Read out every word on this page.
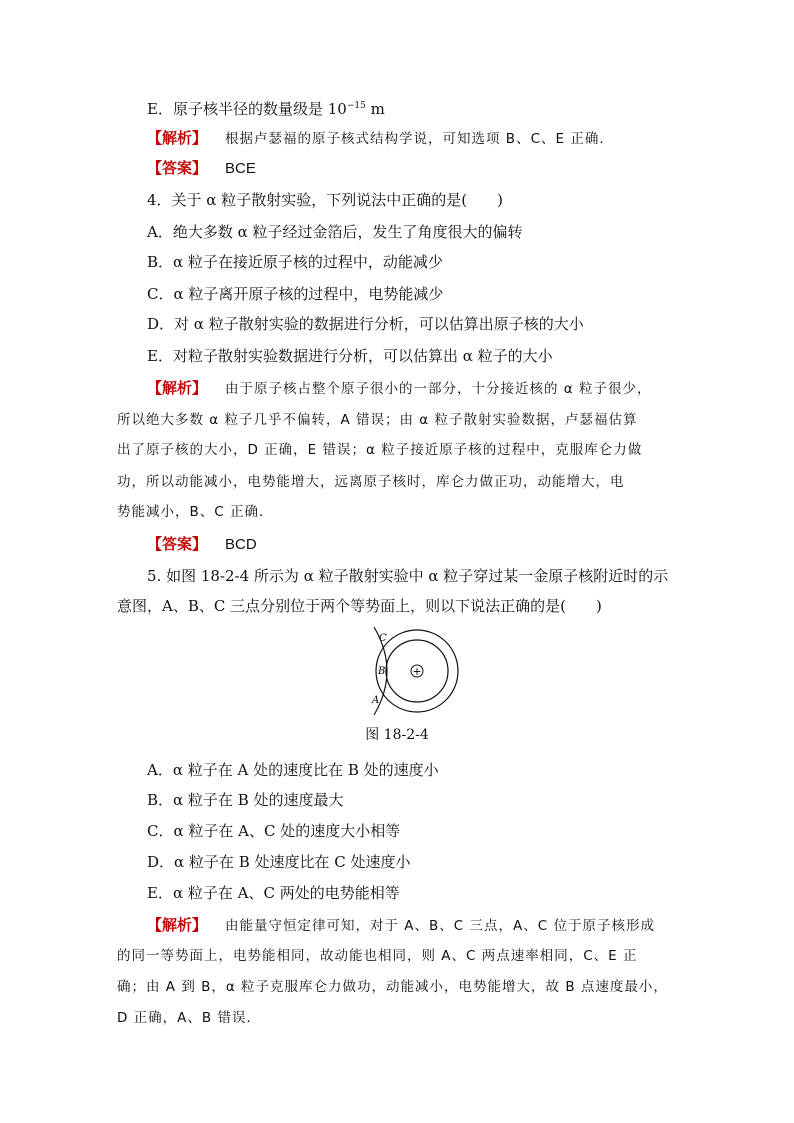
E．原子核半径的数量级是 $10^{-15}$ m
【解析】 根据卢瑟福的原子核式结构学说，可知选项 B、C、E 正确.
【答案】 BCE
4．关于 α 粒子散射实验，下列说法中正确的是(　　)
A．绝大多数 α 粒子经过金箔后，发生了角度很大的偏转
B．α 粒子在接近原子核的过程中，动能减少
C．α 粒子离开原子核的过程中，电势能减少
D．对 α 粒子散射实验的数据进行分析，可以估算出原子核的大小
E．对粒子散射实验数据进行分析，可以估算出 α 粒子的大小
【解析】 由于原子核占整个原子很小的一部分，十分接近核的 α 粒子很少，
所以绝大多数 α 粒子几乎不偏转，A 错误；由 α 粒子散射实验数据，卢瑟福估算
出了原子核的大小，D 正确，E 错误；α 粒子接近原子核的过程中，克服库仑力做
功，所以动能减小，电势能增大，远离原子核时，库仑力做正功，动能增大，电
势能减小，B、C 正确.
【答案】 BCD
5. 如图 18-2-4 所示为 α 粒子散射实验中 α 粒子穿过某一金原子核附近时的示
意图，A、B、C 三点分别位于两个等势面上，则以下说法正确的是(　　)
+
C
B
A
图 18-2-4
A．α 粒子在 A 处的速度比在 B 处的速度小
B．α 粒子在 B 处的速度最大
C．α 粒子在 A、C 处的速度大小相等
D．α 粒子在 B 处速度比在 C 处速度小
E．α 粒子在 A、C 两处的电势能相等
【解析】 由能量守恒定律可知，对于 A、B、C 三点，A、C 位于原子核形成
的同一等势面上，电势能相同，故动能也相同，则 A、C 两点速率相同，C、E 正
确；由 A 到 B，α 粒子克服库仑力做功，动能减小，电势能增大，故 B 点速度最小，
D 正确，A、B 错误.
